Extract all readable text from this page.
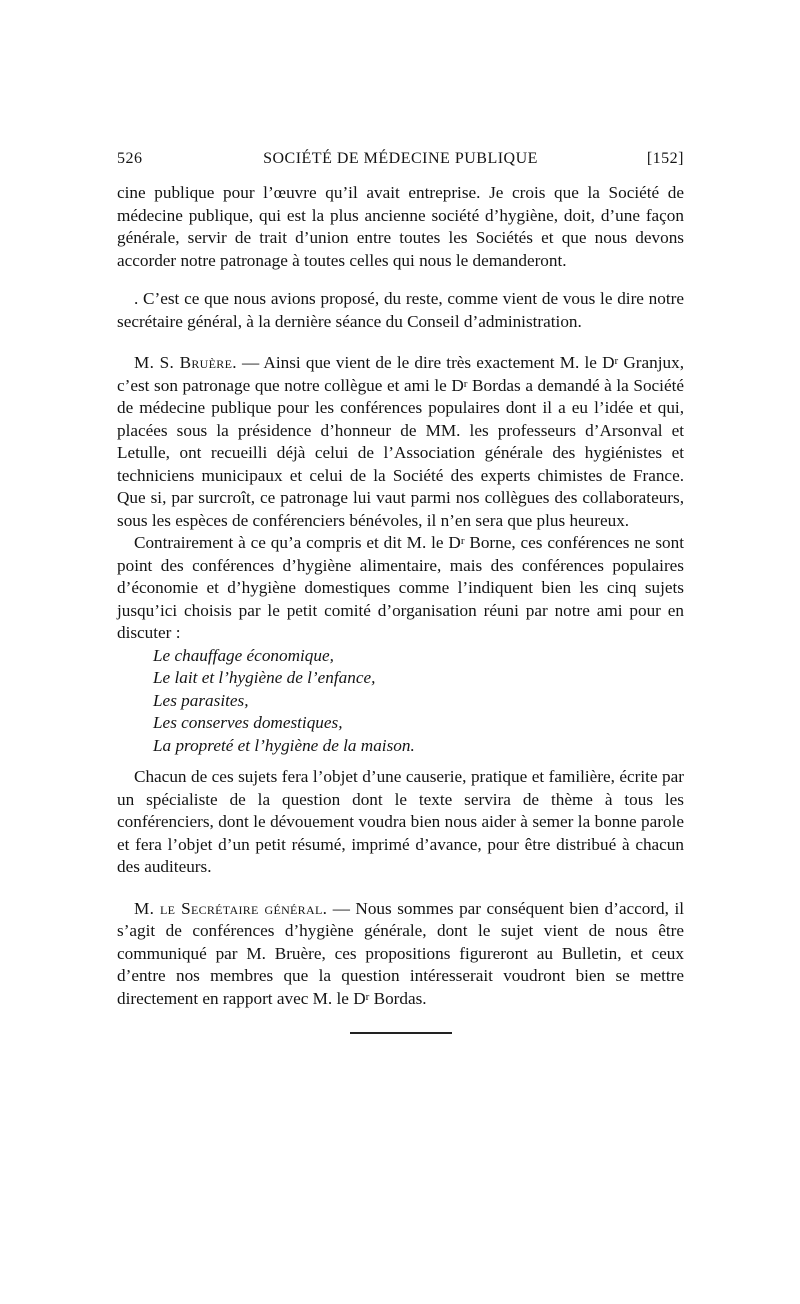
526	SOCIÉTÉ DE MÉDECINE PUBLIQUE	[152]

cine publique pour l’œuvre qu’il avait entreprise. Je crois que la Société de médecine publique, qui est la plus ancienne société d’hygiène, doit, d’une façon générale, servir de trait d’union entre toutes les Sociétés et que nous devons accorder notre patronage à toutes celles qui nous le demanderont.

. C’est ce que nous avions proposé, du reste, comme vient de vous le dire notre secrétaire général, à la dernière séance du Conseil d’administration.

M. S. Bruère. — Ainsi que vient de le dire très exactement M. le $D^r$ Granjux, c’est son patronage que notre collègue et ami le $D^r$ Bordas a demandé à la Société de médecine publique pour les conférences populaires dont il a eu l’idée et qui, placées sous la présidence d’honneur de MM. les professeurs d’Arsonval et Letulle, ont recueilli déjà celui de l’Association générale des hygiénistes et techniciens municipaux et celui de la Société des experts chimistes de France. Que si, par surcroît, ce patronage lui vaut parmi nos collègues des collaborateurs, sous les espèces de conférenciers bénévoles, il n’en sera que plus heureux.

Contrairement à ce qu’a compris et dit M. le $D^r$ Borne, ces conférences ne sont point des conférences d’hygiène alimentaire, mais des conférences populaires d’économie et d’hygiène domestiques comme l’indiquent bien les cinq sujets jusqu’ici choisis par le petit comité d’organisation réuni par notre ami pour en discuter :

Le chauffage économique,
Le lait et l’hygiène de l’enfance,
Les parasites,
Les conserves domestiques,
La propreté et l’hygiène de la maison.

Chacun de ces sujets fera l’objet d’une causerie, pratique et familière, écrite par un spécialiste de la question dont le texte servira de thème à tous les conférenciers, dont le dévouement voudra bien nous aider à semer la bonne parole et fera l’objet d’un petit résumé, imprimé d’avance, pour être distribué à chacun des auditeurs.

M. le Secrétaire général. — Nous sommes par conséquent bien d’accord, il s’agit de conférences d’hygiène générale, dont le sujet vient de nous être communiqué par M. Bruère, ces propositions figureront au Bulletin, et ceux d’entre nos membres que la question intéresserait voudront bien se mettre directement en rapport avec M. le $D^r$ Bordas.
